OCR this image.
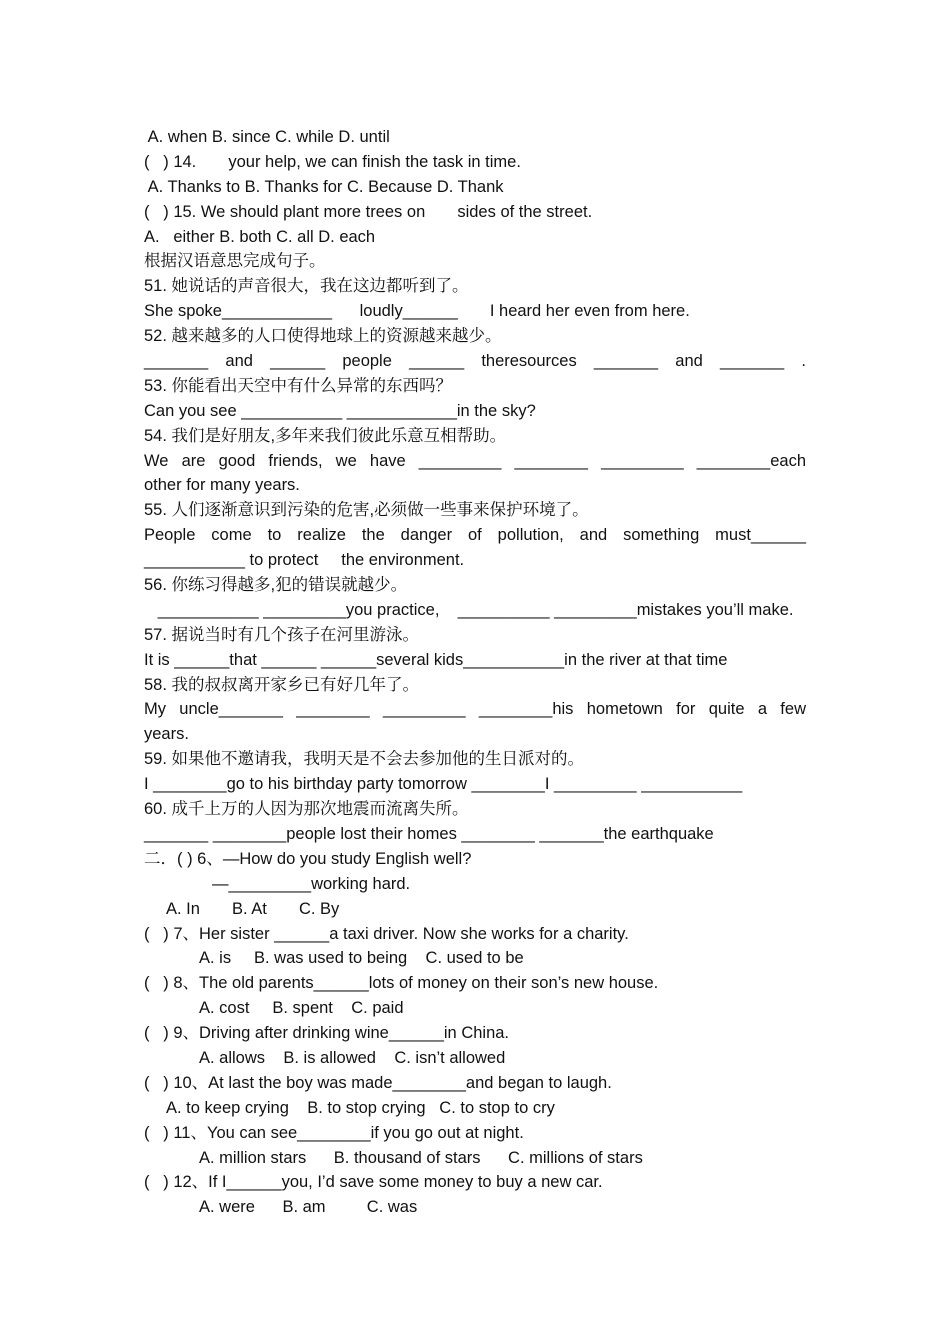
A. when B. since C. while D. until
(   ) 14.       your help, we can finish the task in time.
A. Thanks to B. Thanks for C. Because D. Thank
(   ) 15. We should plant more trees on       sides of the street.
A.   either B. both C. all D. each
根据汉语意思完成句子。
51. 她说话的声音很大，我在这边都听到了。
She spoke____________      loudly______       I heard her even from here.
52. 越来越多的人口使得地球上的资源越来越少。
_______ and ______ people ______ theresources _______ and _______ .
53. 你能看出天空中有什么异常的东西吗？
Can you see ___________ ____________in the sky?
54. 我们是好朋友,多年来我们彼此乐意互相帮助。
We are good friends, we have _________ ________ _________ ________each
other for many years.
55. 人们逐渐意识到污染的危害,必须做一些事来保护环境了。
People come to realize the danger of pollution, and something must______
___________ to protect     the environment.
56. 你练习得越多,犯的错误就越少。
___________ _________you practice,    __________ _________mistakes you’ll make.
57. 据说当时有几个孩子在河里游泳。
It is ______that ______ ______several kids___________in the river at that time
58. 我的叔叔离开家乡已有好几年了。
My uncle_______ ________ _________ ________his hometown for quite a few
years.
59. 如果他不邀请我，我明天是不会去参加他的生日派对的。
I ________go to his birthday party tomorrow ________I _________ ___________
60. 成千上万的人因为那次地震而流离失所。
_______ ________people lost their homes ________ _______the earthquake
二．( ) 6、—How do you study English well?
—_________working hard.
A. In       B. At       C. By
(   ) 7、Her sister ______a taxi driver. Now she works for a charity.
A. is     B. was used to being    C. used to be
(   ) 8、The old parents______lots of money on their son’s new house.
A. cost     B. spent    C. paid
(   ) 9、Driving after drinking wine______in China.
A. allows    B. is allowed    C. isn’t allowed
(   ) 10、At last the boy was made________and began to laugh.
A. to keep crying    B. to stop crying   C. to stop to cry
(   ) 11、You can see________if you go out at night.
A. million stars      B. thousand of stars      C. millions of stars
(   ) 12、If I______you, I’d save some money to buy a new car.
A. were      B. am         C. was
